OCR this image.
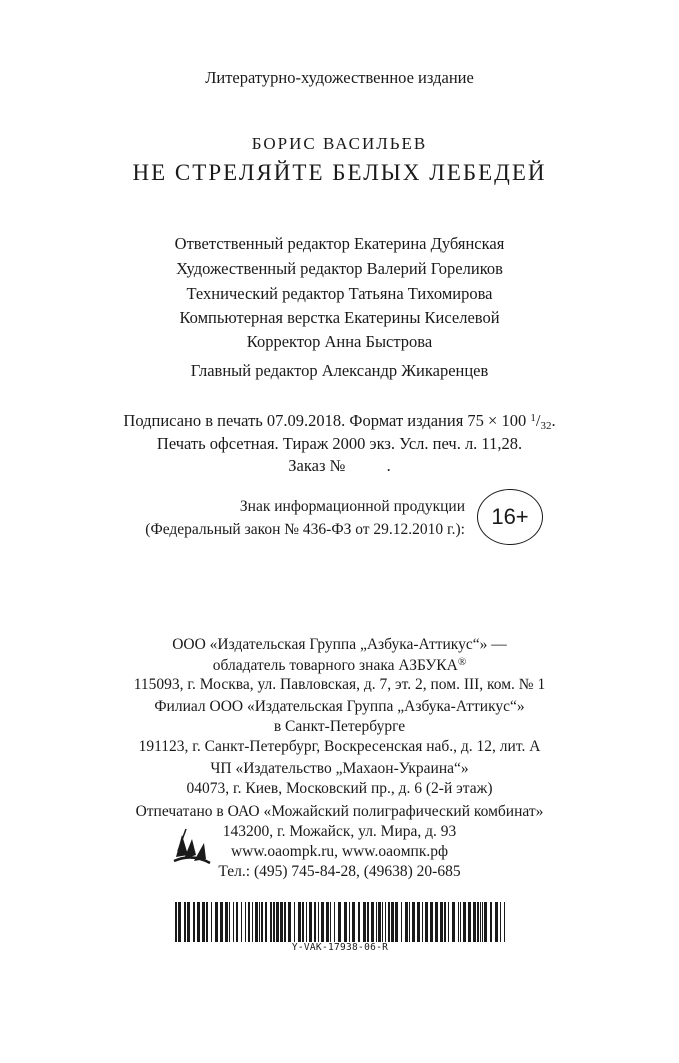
Литературно-художественное издание
БОРИС ВАСИЛЬЕВ
НЕ СТРЕЛЯЙТЕ БЕЛЫХ ЛЕБЕДЕЙ
Ответственный редактор Екатерина Дубянская
Художественный редактор Валерий Гореликов
Технический редактор Татьяна Тихомирова
Компьютерная верстка Екатерины Киселевой
Корректор Анна Быстрова
Главный редактор Александр Жикаренцев
Подписано в печать 07.09.2018. Формат издания 75 × 100 $^1/_{32}$.
Печать офсетная. Тираж 2000 экз. Усл. печ. л. 11,28.
Заказ №          .
Знак информационной продукции
(Федеральный закон № 436-ФЗ от 29.12.2010 г.):
16+
ООО «Издательская Группа „Азбука-Аттикус“» —
обладатель товарного знака АЗБУКА®
115093, г. Москва, ул. Павловская, д. 7, эт. 2, пом. III, ком. № 1
Филиал ООО «Издательская Группа „Азбука-Аттикус“»
в Санкт-Петербурге
191123, г. Санкт-Петербург, Воскресенская наб., д. 12, лит. А
ЧП «Издательство „Махаон-Украина“»
04073, г. Киев, Московский пр., д. 6 (2-й этаж)
Отпечатано в ОАО «Можайский полиграфический комбинат»
143200, г. Можайск, ул. Мира, д. 93
www.oaompk.ru, www.oaoмпк.рф
Тел.: (495) 745-84-28, (49638) 20-685
Y-VAK-17938-06-R
